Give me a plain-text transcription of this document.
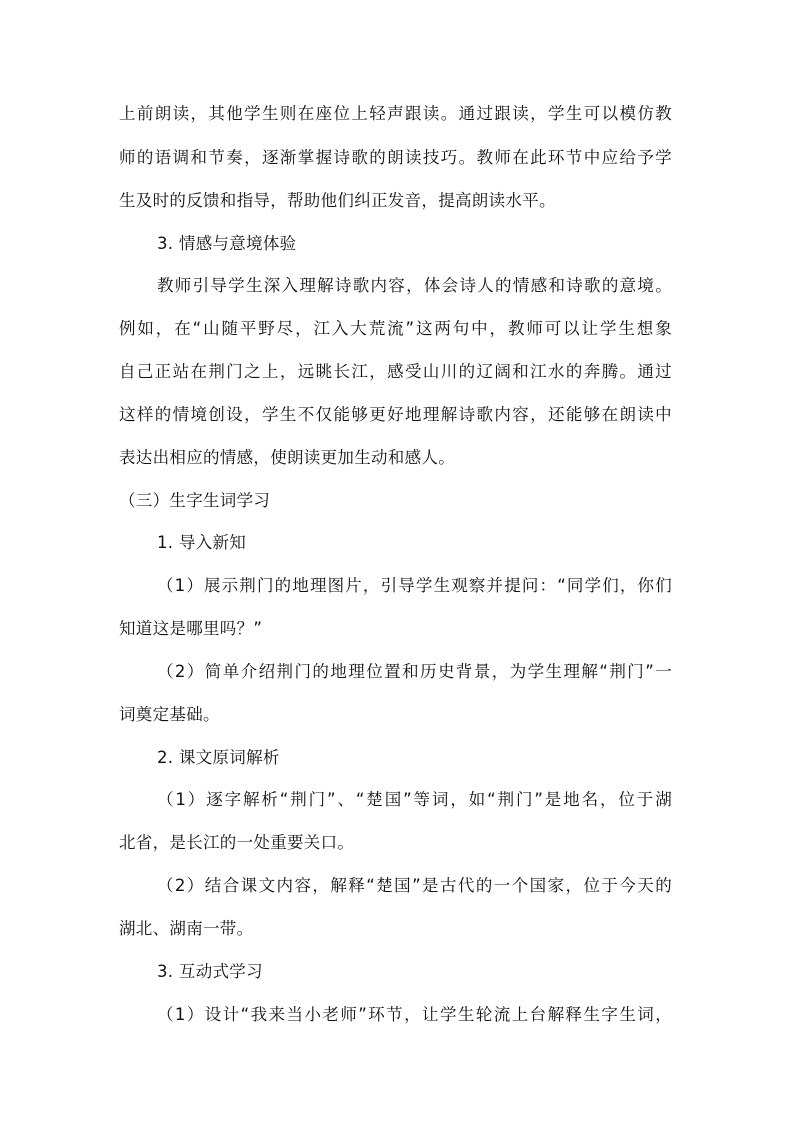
上前朗读，其他学生则在座位上轻声跟读。通过跟读，学生可以模仿教
师的语调和节奏，逐渐掌握诗歌的朗读技巧。教师在此环节中应给予学
生及时的反馈和指导，帮助他们纠正发音，提高朗读水平。
3. 情感与意境体验
教师引导学生深入理解诗歌内容，体会诗人的情感和诗歌的意境。
例如，在“山随平野尽，江入大荒流”这两句中，教师可以让学生想象
自己正站在荆门之上，远眺长江，感受山川的辽阔和江水的奔腾。通过
这样的情境创设，学生不仅能够更好地理解诗歌内容，还能够在朗读中
表达出相应的情感，使朗读更加生动和感人。
（三）生字生词学习
1. 导入新知
（1）展示荆门的地理图片，引导学生观察并提问：“同学们，你们
知道这是哪里吗？”
（2）简单介绍荆门的地理位置和历史背景，为学生理解“荆门”一
词奠定基础。
2. 课文原词解析
（1）逐字解析“荆门”、“楚国”等词，如“荆门”是地名，位于湖
北省，是长江的一处重要关口。
（2）结合课文内容，解释“楚国”是古代的一个国家，位于今天的
湖北、湖南一带。
3. 互动式学习
（1）设计“我来当小老师”环节，让学生轮流上台解释生字生词，
